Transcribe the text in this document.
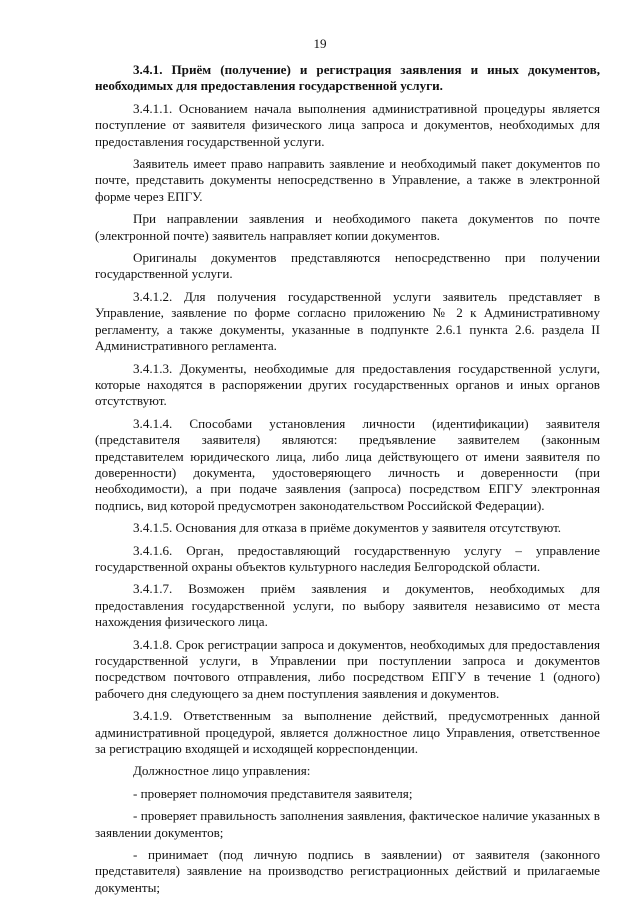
19

3.4.1. Приём (получение) и регистрация заявления и иных документов, необходимых для предоставления государственной услуги.

3.4.1.1. Основанием начала выполнения административной процедуры является поступление от заявителя физического лица запроса и документов, необходимых для предоставления государственной услуги.

Заявитель имеет право направить заявление и необходимый пакет документов по почте, представить документы непосредственно в Управление, а также в электронной форме через ЕПГУ.

При направлении заявления и необходимого пакета документов по почте (электронной почте) заявитель направляет копии документов.

Оригиналы документов представляются непосредственно при получении государственной услуги.

3.4.1.2. Для получения государственной услуги заявитель представляет в Управление, заявление по форме согласно приложению № 2 к Административному регламенту, а также документы, указанные в подпункте 2.6.1 пункта 2.6. раздела II Административного регламента.

3.4.1.3. Документы, необходимые для предоставления государственной услуги, которые находятся в распоряжении других государственных органов и иных органов отсутствуют.

3.4.1.4. Способами установления личности (идентификации) заявителя (представителя заявителя) являются: предъявление заявителем (законным представителем юридического лица, либо лица действующего от имени заявителя по доверенности) документа, удостоверяющего личность и доверенности (при необходимости), а при подаче заявления (запроса) посредством ЕПГУ электронная подпись, вид которой предусмотрен законодательством Российской Федерации).

3.4.1.5. Основания для отказа в приёме документов у заявителя отсутствуют.

3.4.1.6. Орган, предоставляющий государственную услугу – управление государственной охраны объектов культурного наследия Белгородской области.

3.4.1.7. Возможен приём заявления и документов, необходимых для предоставления государственной услуги, по выбору заявителя независимо от места нахождения физического лица.

3.4.1.8. Срок регистрации запроса и документов, необходимых для предоставления государственной услуги, в Управлении при поступлении запроса и документов посредством почтового отправления, либо посредством ЕПГУ в течение 1 (одного) рабочего дня следующего за днем поступления заявления и документов.

3.4.1.9. Ответственным за выполнение действий, предусмотренных данной административной процедурой, является должностное лицо Управления, ответственное за регистрацию входящей и исходящей корреспонденции.

Должностное лицо управления:

- проверяет полномочия представителя заявителя;

- проверяет правильность заполнения заявления, фактическое наличие указанных в заявлении документов;

- принимает (под личную подпись в заявлении) от заявителя (законного представителя) заявление на производство регистрационных действий и прилагаемые документы;
